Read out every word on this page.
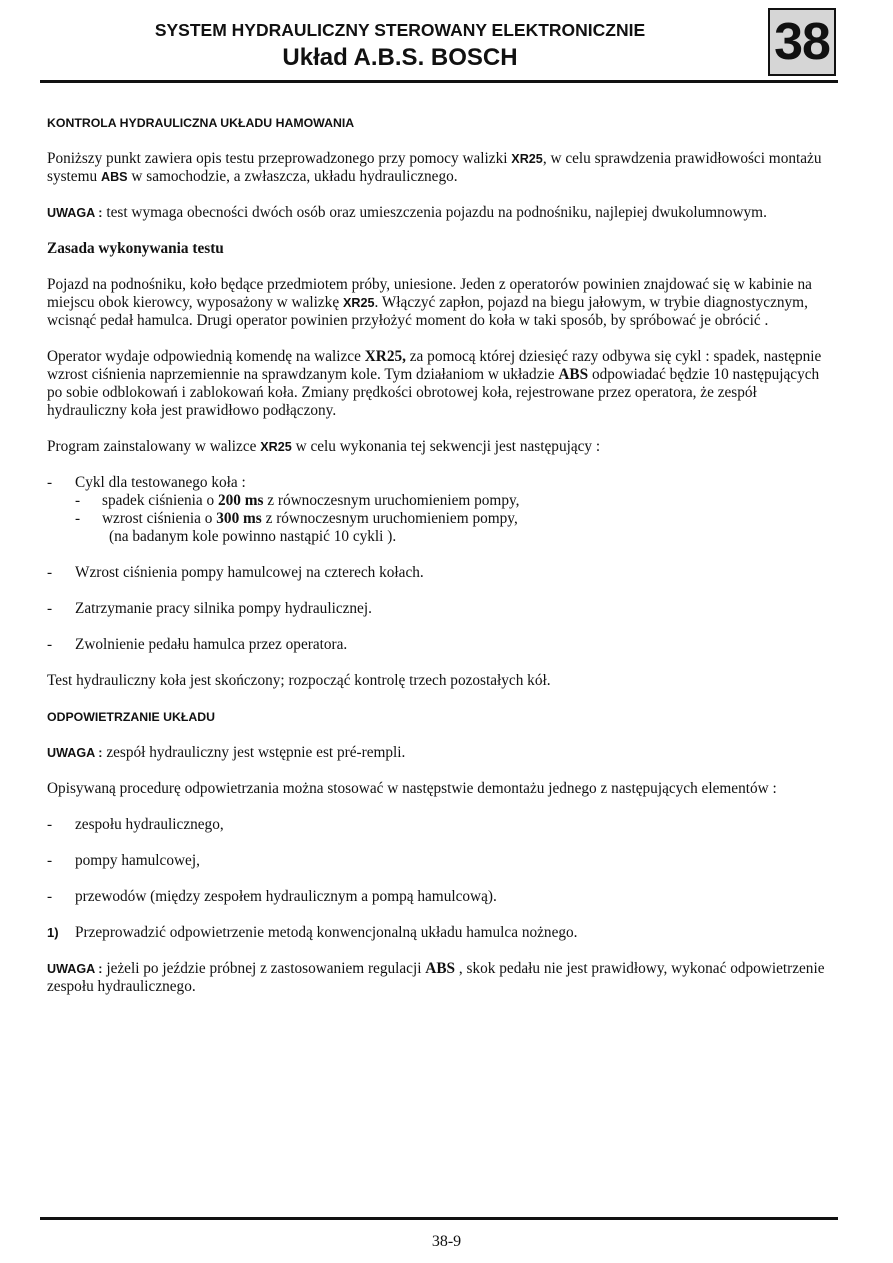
SYSTEM HYDRAULICZNY STEROWANY ELEKTRONICZNIE
Układ A.B.S. BOSCH	38

KONTROLA HYDRAULICZNA UKŁADU HAMOWANIA

Poniższy punkt zawiera opis testu przeprowadzonego przy pomocy walizki XR25, w celu sprawdzenia prawidłowości montażu systemu ABS w samochodzie, a zwłaszcza, układu hydraulicznego.

UWAGA : test wymaga obecności dwóch osób oraz umieszczenia pojazdu na podnośniku, najlepiej dwukolumnowym.

Zasada wykonywania testu

Pojazd na podnośniku, koło będące przedmiotem próby, uniesione. Jeden z operatorów powinien znajdować się w kabinie na miejscu obok kierowcy, wyposażony w walizkę XR25. Włączyć zapłon, pojazd na biegu jałowym, w trybie diagnostycznym, wcisnąć pedał hamulca. Drugi operator powinien przyłożyć moment do koła w taki sposób, by spróbować je obrócić .

Operator wydaje odpowiednią komendę na walizce XR25, za pomocą której dziesięć razy odbywa się cykl : spadek, następnie wzrost ciśnienia naprzemiennie na sprawdzanym kole. Tym działaniom w układzie ABS odpowiadać będzie 10 następujących po sobie odblokowań i zablokowań koła. Zmiany prędkości obrotowej koła, rejestrowane przez operatora, że zespół hydrauliczny koła jest prawidłowo podłączony.

Program zainstalowany w walizce XR25 w celu wykonania tej sekwencji jest następujący :

- Cykl dla testowanego koła :

- spadek ciśnienia o 200 ms z równoczesnym uruchomieniem pompy,

- wzrost ciśnienia o 300 ms z równoczesnym uruchomieniem pompy,

(na badanym kole powinno nastąpić 10 cykli ).

- Wzrost ciśnienia pompy hamulcowej na czterech kołach.

- Zatrzymanie pracy silnika pompy hydraulicznej.

- Zwolnienie pedału hamulca przez operatora.

Test hydrauliczny koła jest skończony; rozpocząć kontrolę trzech pozostałych kół.

ODPOWIETRZANIE UKŁADU

UWAGA : zespół hydrauliczny jest wstępnie est pré-rempli.

Opisywaną procedurę odpowietrzania można stosować w następstwie demontażu jednego z następujących elementów :

- zespołu hydraulicznego,

- pompy hamulcowej,

- przewodów (między zespołem hydraulicznym a pompą hamulcową).

1) Przeprowadzić odpowietrzenie metodą konwencjonalną układu hamulca nożnego.

UWAGA : jeżeli po jeździe próbnej z zastosowaniem regulacji ABS , skok pedału nie jest prawidłowy, wykonać odpowietrzenie zespołu hydraulicznego.

38-9
